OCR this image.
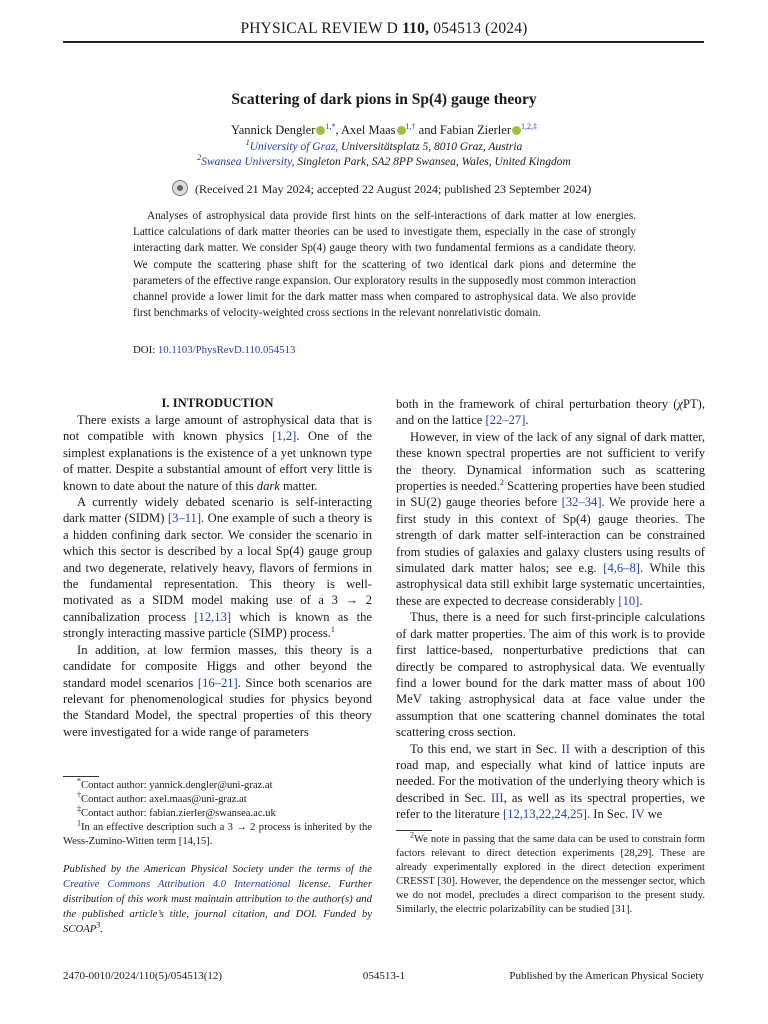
PHYSICAL REVIEW D 110, 054513 (2024)
Scattering of dark pions in Sp(4) gauge theory
Yannick Dengler $^{1,*}$, Axel Maas $^{1,\dagger}$ and Fabian Zierler $^{1,2,\ddagger}$
$^1$University of Graz, Universitätsplatz 5, 8010 Graz, Austria
$^2$Swansea University, Singleton Park, SA2 8PP Swansea, Wales, United Kingdom
(Received 21 May 2024; accepted 22 August 2024; published 23 September 2024)
Analyses of astrophysical data provide first hints on the self-interactions of dark matter at low energies. Lattice calculations of dark matter theories can be used to investigate them, especially in the case of strongly interacting dark matter. We consider Sp(4) gauge theory with two fundamental fermions as a candidate theory. We compute the scattering phase shift for the scattering of two identical dark pions and determine the parameters of the effective range expansion. Our exploratory results in the supposedly most common interaction channel provide a lower limit for the dark matter mass when compared to astrophysical data. We also provide first benchmarks of velocity-weighted cross sections in the relevant nonrelativistic domain.
DOI: 10.1103/PhysRevD.110.054513
I. INTRODUCTION

There exists a large amount of astrophysical data that is not compatible with known physics [1,2]. One of the simplest explanations is the existence of a yet unknown type of matter. Despite a substantial amount of effort very little is known to date about the nature of this dark matter.

A currently widely debated scenario is self-interacting dark matter (SIDM) [3–11]. One example of such a theory is a hidden confining dark sector. We consider the scenario in which this sector is described by a local Sp(4) gauge group and two degenerate, relatively heavy, flavors of fermions in the fundamental representation. This theory is well-motivated as a SIDM model making use of a 3 → 2 cannibalization process [12,13] which is known as the strongly interacting massive particle (SIMP) process.$^1$

In addition, at low fermion masses, this theory is a candidate for composite Higgs and other beyond the standard model scenarios [16–21]. Since both scenarios are relevant for phenomenological studies for physics beyond the Standard Model, the spectral properties of this theory were investigated for a wide range of parameters

both in the framework of chiral perturbation theory (χPT), and on the lattice [22–27].

However, in view of the lack of any signal of dark matter, these known spectral properties are not sufficient to verify the theory. Dynamical information such as scattering properties is needed.$^2$ Scattering properties have been studied in SU(2) gauge theories before [32–34]. We provide here a first study in this context of Sp(4) gauge theories. The strength of dark matter self-interaction can be constrained from studies of galaxies and galaxy clusters using results of simulated dark matter halos; see e.g. [4,6–8]. While this astrophysical data still exhibit large systematic uncertainties, these are expected to decrease considerably [10].

Thus, there is a need for such first-principle calculations of dark matter properties. The aim of this work is to provide first lattice-based, nonperturbative predictions that can directly be compared to astrophysical data. We eventually find a lower bound for the dark matter mass of about 100 MeV taking astrophysical data at face value under the assumption that one scattering channel dominates the total scattering cross section.

To this end, we start in Sec. II with a description of this road map, and especially what kind of lattice inputs are needed. For the motivation of the underlying theory which is described in Sec. III, as well as its spectral properties, we refer to the literature [12,13,22,24,25]. In Sec. IV we

*Contact author: yannick.dengler@uni-graz.at
†Contact author: axel.maas@uni-graz.at
‡Contact author: fabian.zierler@swansea.ac.uk
$^1$In an effective description such a 3 → 2 process is inherited by the Wess-Zumino-Witten term [14,15].
Published by the American Physical Society under the terms of the Creative Commons Attribution 4.0 International license. Further distribution of this work must maintain attribution to the author(s) and the published article’s title, journal citation, and DOI. Funded by SCOAP$^3$.
$^2$We note in passing that the same data can be used to constrain form factors relevant to direct detection experiments [28,29]. These are already experimentally explored in the direct detection experiment CRESST [30]. However, the dependence on the messenger sector, which we do not model, precludes a direct comparison to the present study. Similarly, the electric polarizability can be studied [31].
2470-0010/2024/110(5)/054513(12)	054513-1	Published by the American Physical Society
